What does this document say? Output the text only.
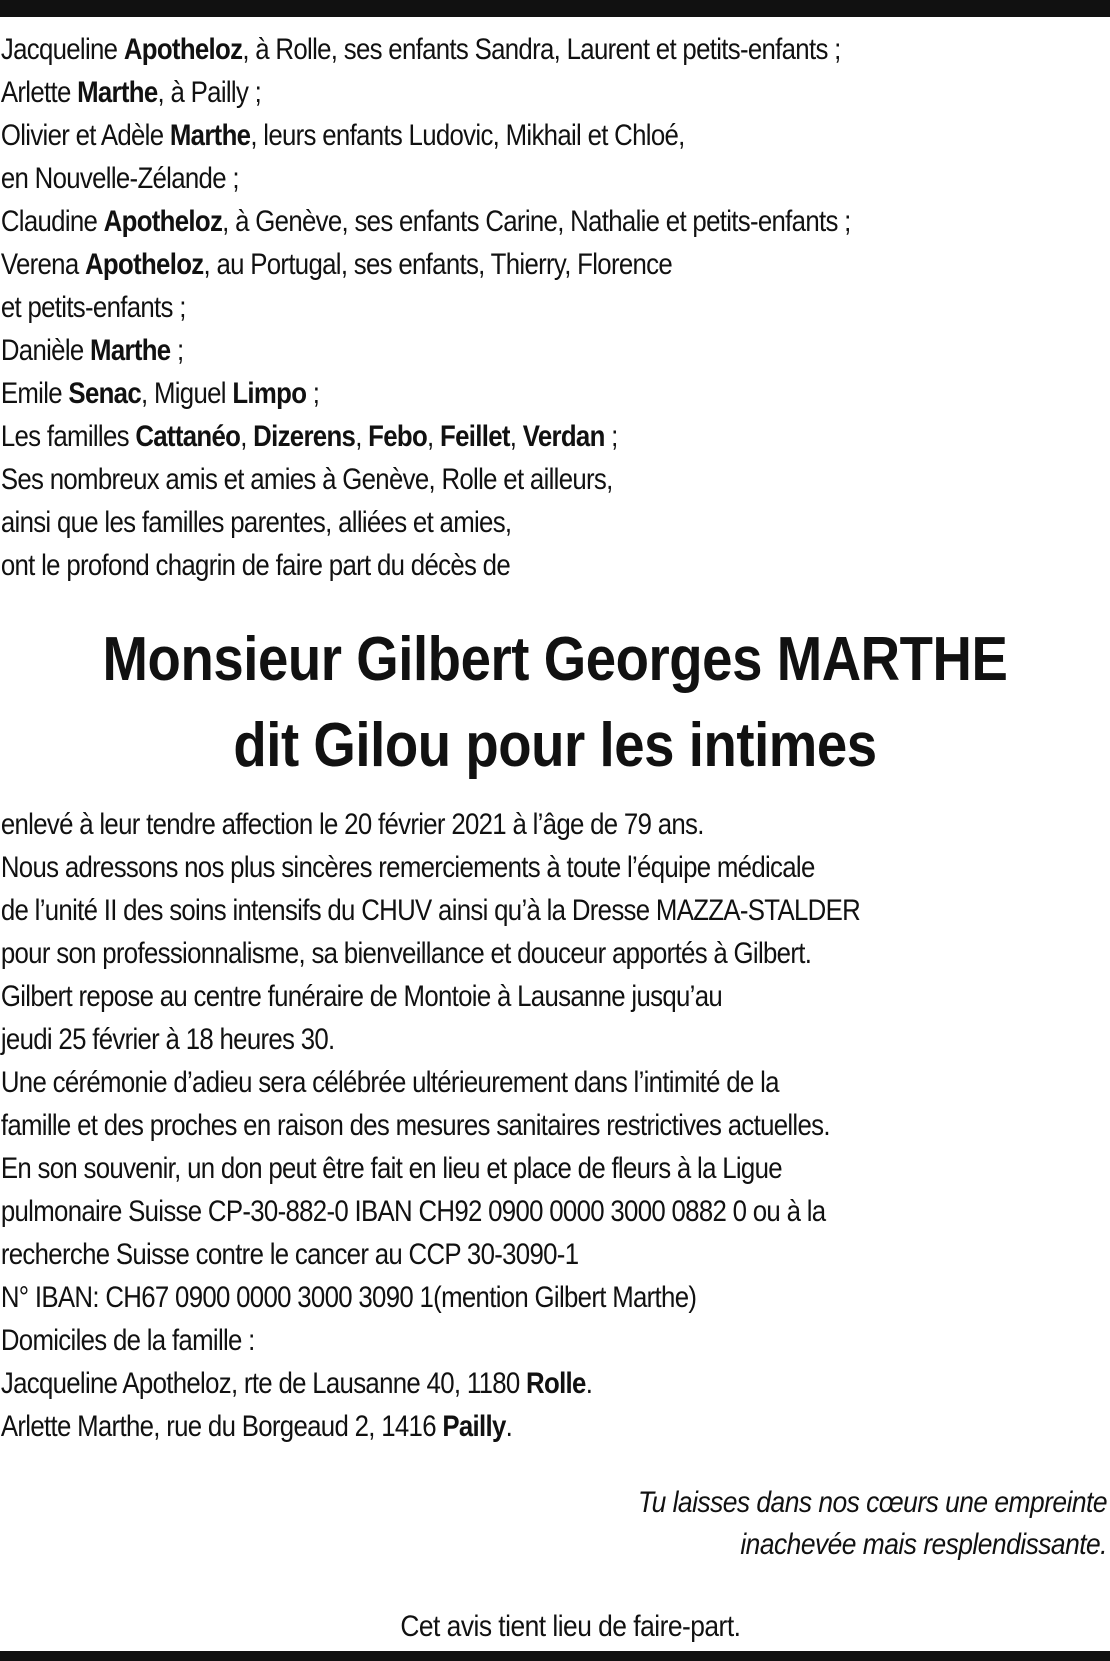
Jacqueline Apotheloz, à Rolle, ses enfants Sandra, Laurent et petits-enfants ;
Arlette Marthe, à Pailly ;
Olivier et Adèle Marthe, leurs enfants Ludovic, Mikhail et Chloé,
en Nouvelle-Zélande ;
Claudine Apotheloz, à Genève, ses enfants Carine, Nathalie et petits-enfants ;
Verena Apotheloz, au Portugal, ses enfants, Thierry, Florence
et petits-enfants ;
Danièle Marthe ;
Emile Senac, Miguel Limpo ;
Les familles Cattanéo, Dizerens, Febo, Feillet, Verdan ;
Ses nombreux amis et amies à Genève, Rolle et ailleurs,
ainsi que les familles parentes, alliées et amies,
ont le profond chagrin de faire part du décès de
Monsieur Gilbert Georges MARTHE
dit Gilou pour les intimes
enlevé à leur tendre affection le 20 février 2021 à l’âge de 79 ans.
Nous adressons nos plus sincères remerciements à toute l’équipe médicale
de l’unité II des soins intensifs du CHUV ainsi qu’à la Dresse MAZZA-STALDER
pour son professionnalisme, sa bienveillance et douceur apportés à Gilbert.
Gilbert repose au centre funéraire de Montoie à Lausanne jusqu’au
jeudi 25 février à 18 heures 30.
Une cérémonie d’adieu sera célébrée ultérieurement dans l’intimité de la
famille et des proches en raison des mesures sanitaires restrictives actuelles.
En son souvenir, un don peut être fait en lieu et place de fleurs à la Ligue
pulmonaire Suisse CP-30-882-0 IBAN CH92 0900 0000 3000 0882 0 ou à la
recherche Suisse contre le cancer au CCP 30-3090-1
N° IBAN: CH67 0900 0000 3000 3090 1(mention Gilbert Marthe)
Domiciles de la famille :
Jacqueline Apotheloz, rte de Lausanne 40, 1180 Rolle.
Arlette Marthe, rue du Borgeaud 2, 1416 Pailly.
Tu laisses dans nos cœurs une empreinte
inachevée mais resplendissante.
Cet avis tient lieu de faire-part.
